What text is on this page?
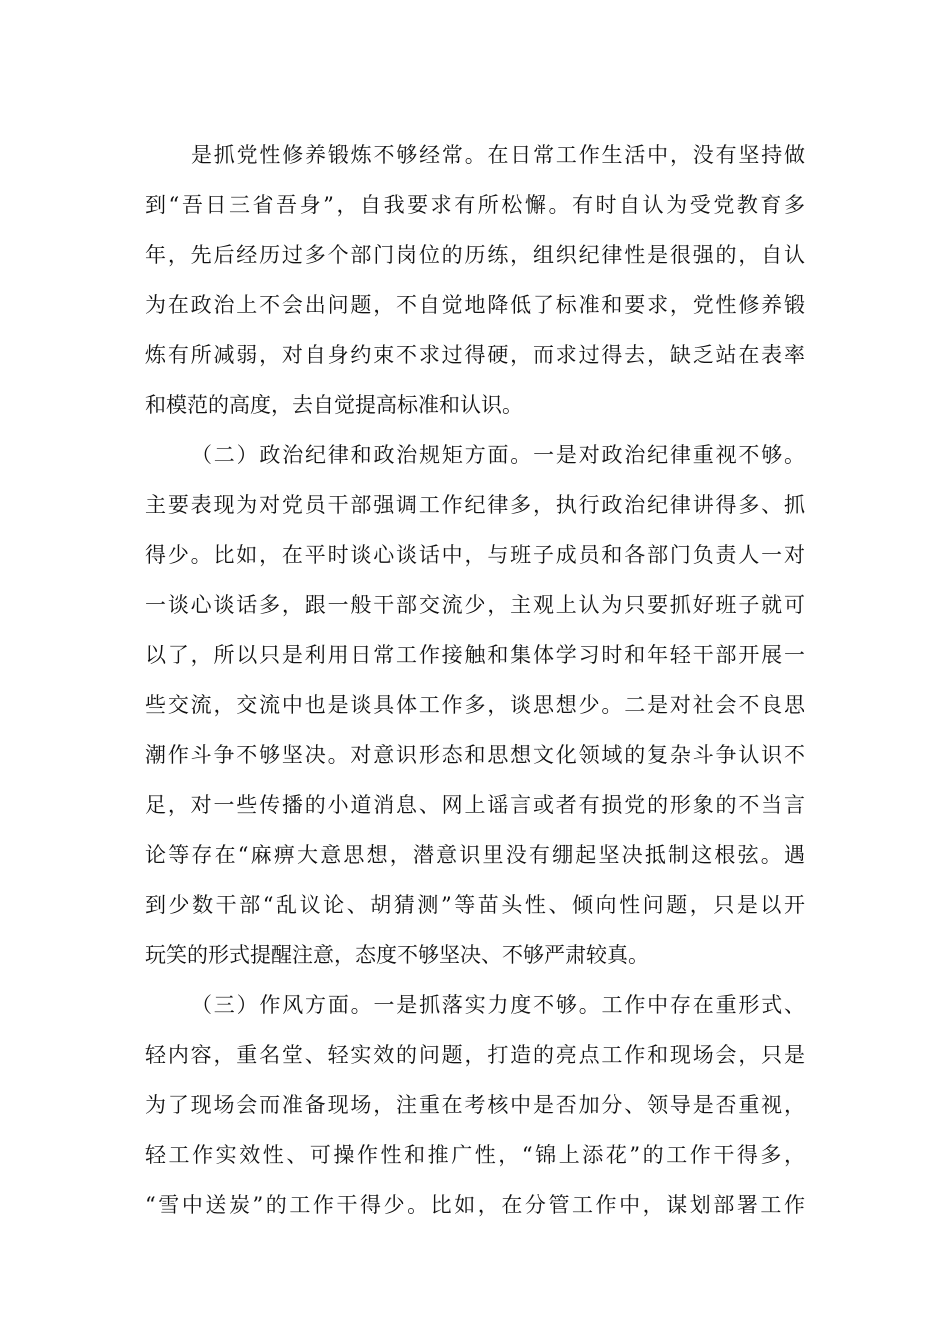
是抓党性修养锻炼不够经常。在日常工作生活中，没有坚持做
到“吾日三省吾身”，自我要求有所松懈。有时自认为受党教育多
年，先后经历过多个部门岗位的历练，组织纪律性是很强的，自认
为在政治上不会出问题，不自觉地降低了标准和要求，党性修养锻
炼有所减弱，对自身约束不求过得硬，而求过得去，缺乏站在表率
和模范的高度，去自觉提高标准和认识。
（二）政治纪律和政治规矩方面。一是对政治纪律重视不够。
主要表现为对党员干部强调工作纪律多，执行政治纪律讲得多、抓
得少。比如，在平时谈心谈话中，与班子成员和各部门负责人一对
一谈心谈话多，跟一般干部交流少，主观上认为只要抓好班子就可
以了，所以只是利用日常工作接触和集体学习时和年轻干部开展一
些交流，交流中也是谈具体工作多，谈思想少。二是对社会不良思
潮作斗争不够坚决。对意识形态和思想文化领域的复杂斗争认识不
足，对一些传播的小道消息、网上谣言或者有损党的形象的不当言
论等存在“麻痹大意思想，潜意识里没有绷起坚决抵制这根弦。遇
到少数干部“乱议论、胡猜测”等苗头性、倾向性问题，只是以开
玩笑的形式提醒注意，态度不够坚决、不够严肃较真。
（三）作风方面。一是抓落实力度不够。工作中存在重形式、
轻内容，重名堂、轻实效的问题，打造的亮点工作和现场会，只是
为了现场会而准备现场，注重在考核中是否加分、领导是否重视，
轻工作实效性、可操作性和推广性，“锦上添花”的工作干得多，
“雪中送炭”的工作干得少。比如，在分管工作中，谋划部署工作
